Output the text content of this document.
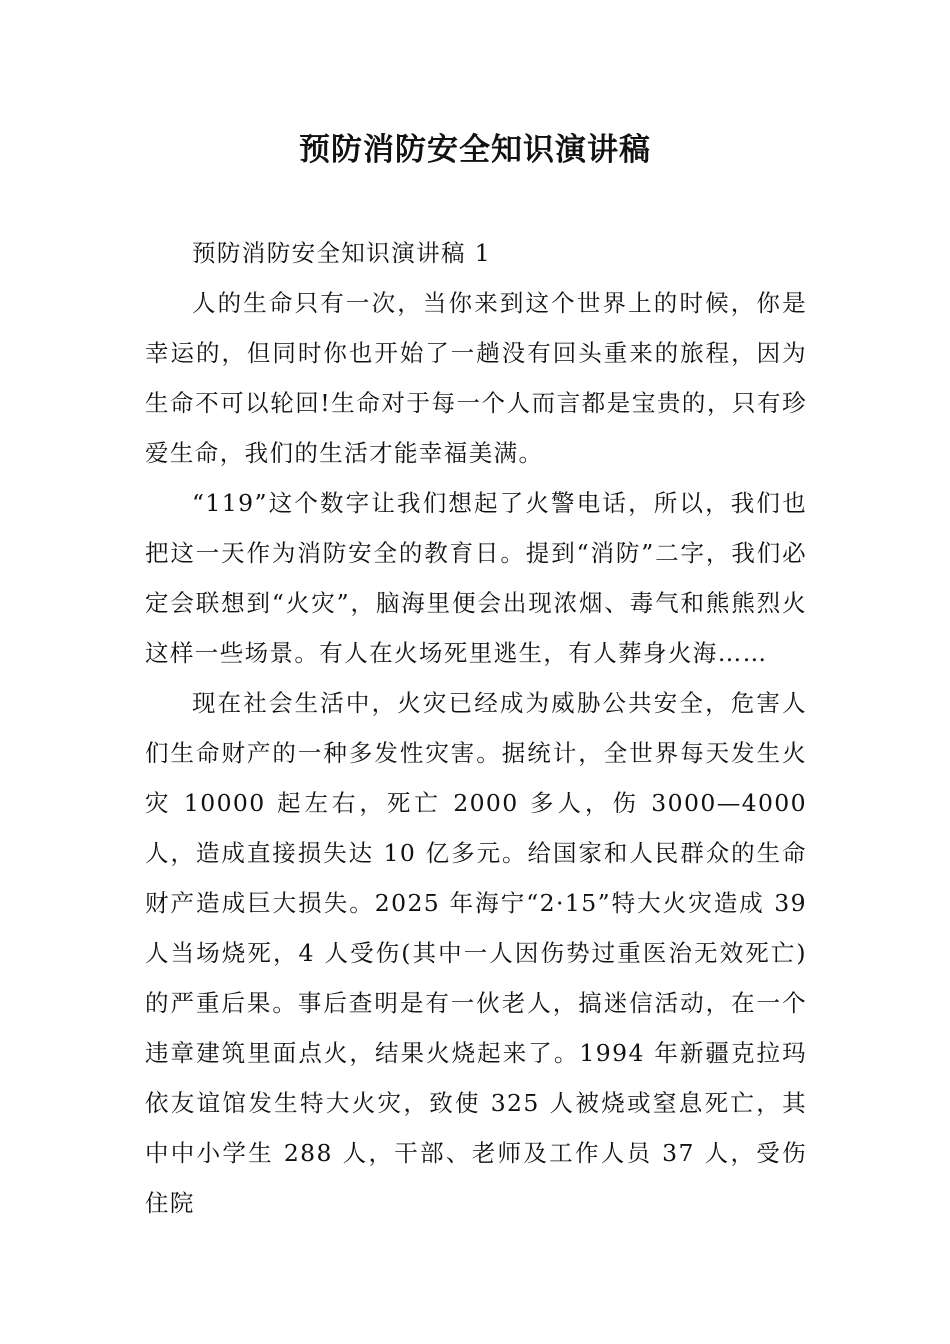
预防消防安全知识演讲稿

预防消防安全知识演讲稿 1

人的生命只有一次，当你来到这个世界上的时候，你是幸运的，但同时你也开始了一趟没有回头重来的旅程，因为生命不可以轮回!生命对于每一个人而言都是宝贵的，只有珍爱生命，我们的生活才能幸福美满。

“119”这个数字让我们想起了火警电话，所以，我们也把这一天作为消防安全的教育日。提到“消防”二字，我们必定会联想到“火灾”，脑海里便会出现浓烟、毒气和熊熊烈火这样一些场景。有人在火场死里逃生，有人葬身火海……

现在社会生活中，火灾已经成为威胁公共安全，危害人们生命财产的一种多发性灾害。据统计，全世界每天发生火灾 10000 起左右，死亡 2000 多人，伤 3000—4000 人，造成直接损失达 10 亿多元。给国家和人民群众的生命财产造成巨大损失。2025 年海宁“2·15”特大火灾造成 39 人当场烧死，4 人受伤(其中一人因伤势过重医治无效死亡)的严重后果。事后查明是有一伙老人，搞迷信活动，在一个违章建筑里面点火，结果火烧起来了。1994 年新疆克拉玛依友谊馆发生特大火灾，致使 325 人被烧或窒息死亡，其中中小学生 288 人，干部、老师及工作人员 37 人，受伤住院
